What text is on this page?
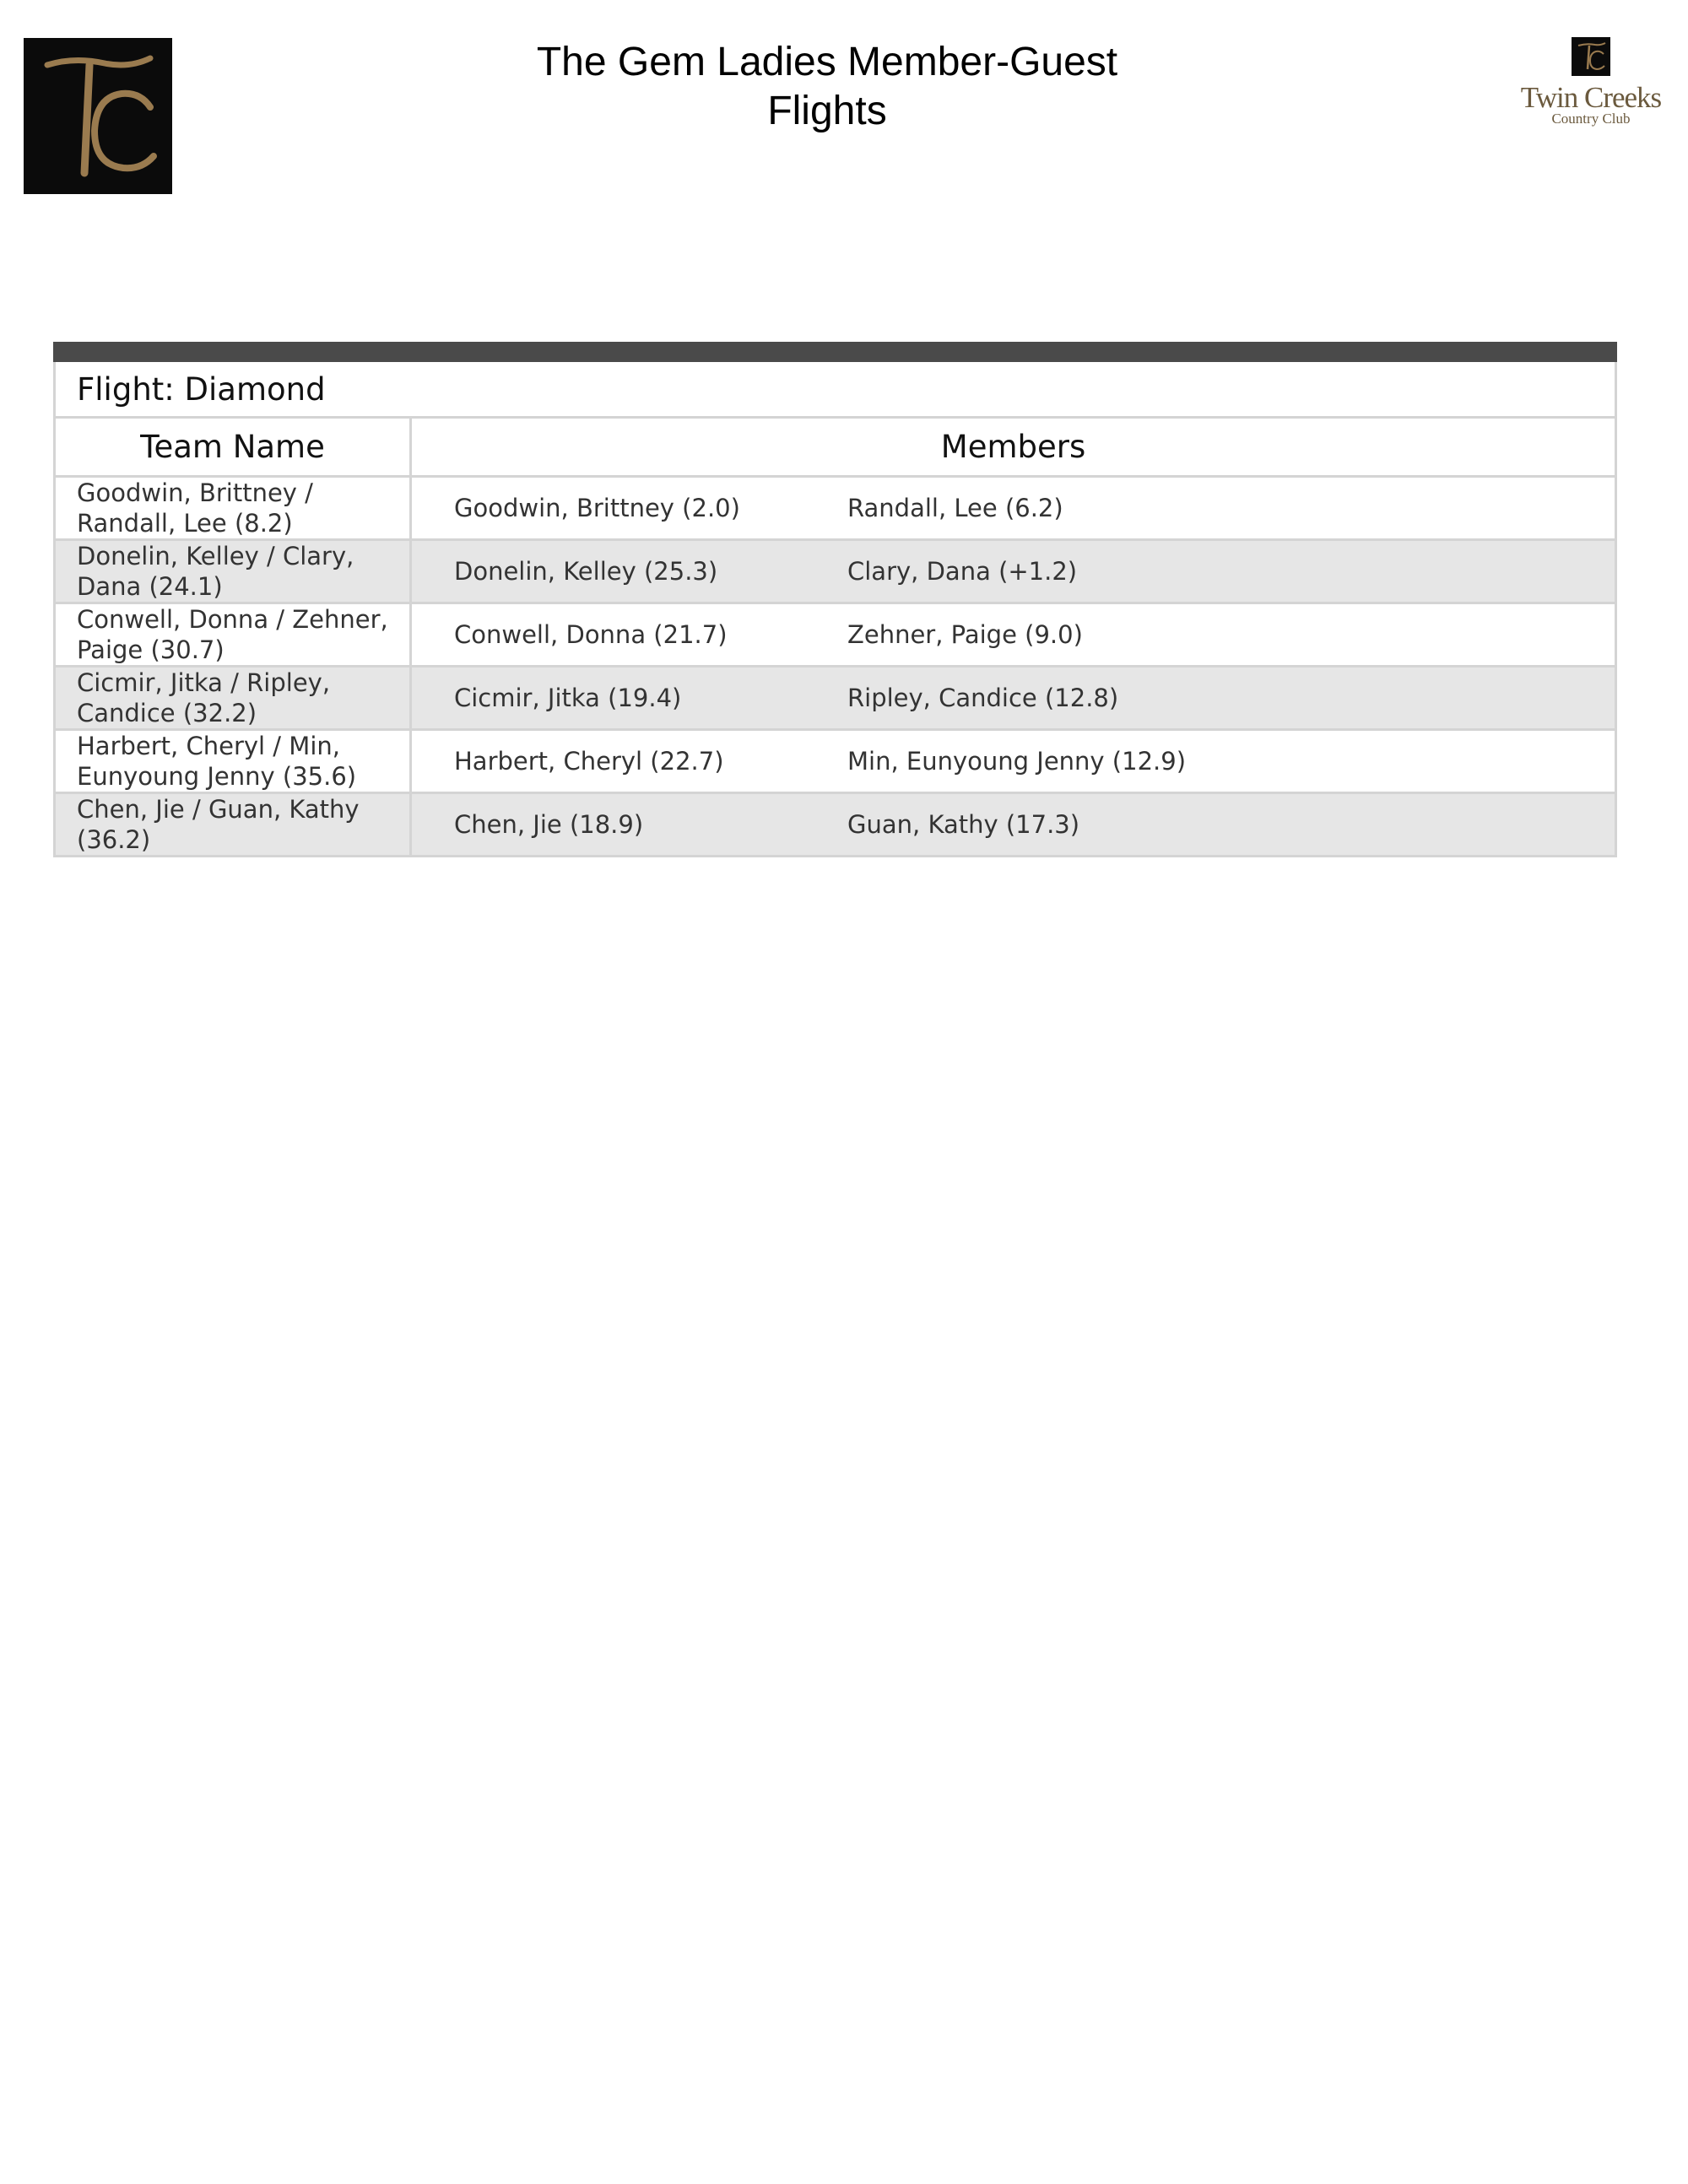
The Gem Ladies Member-Guest
Flights	Twin Creeks
Country Club

Flight: Diamond	
Team Name	Members
Goodwin, Brittney / Randall, Lee (8.2)	Goodwin, Brittney (2.0) Randall, Lee (6.2)
Donelin, Kelley / Clary, Dana (24.1)	Donelin, Kelley (25.3) Clary, Dana (+1.2)
Conwell, Donna / Zehner, Paige (30.7)	Conwell, Donna (21.7) Zehner, Paige (9.0)
Cicmir, Jitka / Ripley, Candice (32.2)	Cicmir, Jitka (19.4) Ripley, Candice (12.8)
Harbert, Cheryl / Min, Eunyoung Jenny (35.6)	Harbert, Cheryl (22.7) Min, Eunyoung Jenny (12.9)
Chen, Jie / Guan, Kathy (36.2)	Chen, Jie (18.9) Guan, Kathy (17.3)
